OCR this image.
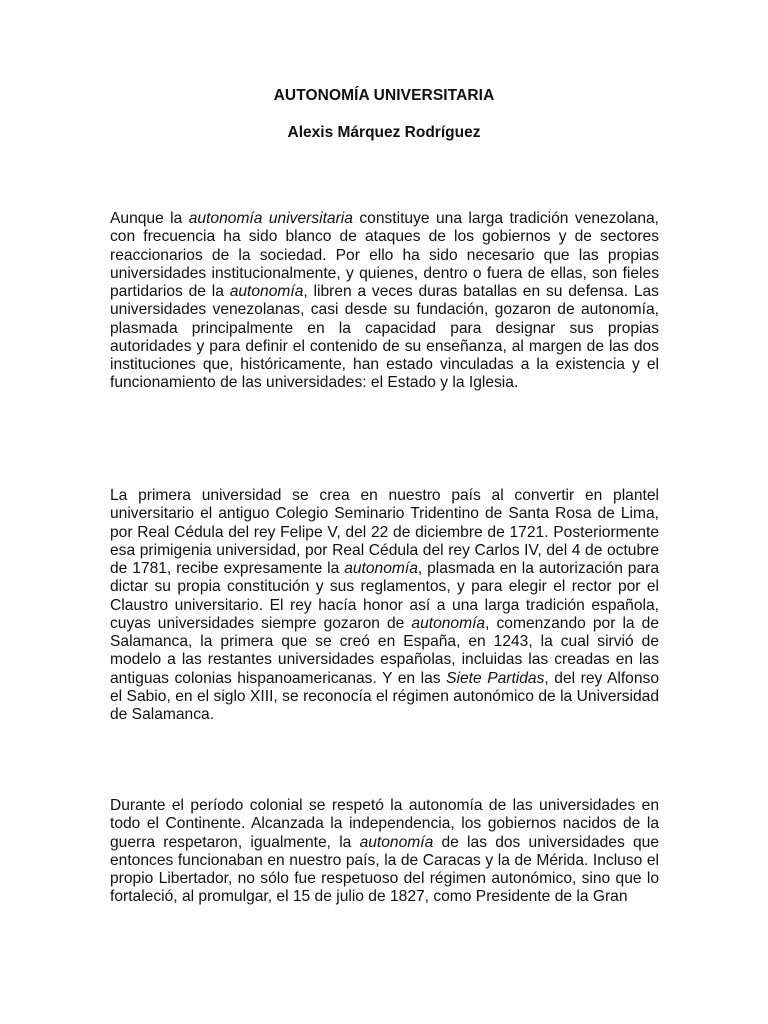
AUTONOMÍA UNIVERSITARIA
Alexis Márquez Rodríguez

Aunque la autonomía universitaria constituye una larga tradición venezolana, con frecuencia ha sido blanco de ataques de los gobiernos y de sectores reaccionarios de la sociedad. Por ello ha sido necesario que las propias universidades institucionalmente, y quienes, dentro o fuera de ellas, son fieles partidarios de la autonomía, libren a veces duras batallas en su defensa. Las universidades venezolanas, casi desde su fundación, gozaron de autonomía, plasmada principalmente en la capacidad para designar sus propias autoridades y para definir el contenido de su enseñanza, al margen de las dos instituciones que, históricamente, han estado vinculadas a la existencia y el funcionamiento de las universidades: el Estado y la Iglesia.

La primera universidad se crea en nuestro país al convertir en plantel universitario el antiguo Colegio Seminario Tridentino de Santa Rosa de Lima, por Real Cédula del rey Felipe V, del 22 de diciembre de 1721. Posteriormente esa primigenia universidad, por Real Cédula del rey Carlos IV, del 4 de octubre de 1781, recibe expresamente la autonomía, plasmada en la autorización para dictar su propia constitución y sus reglamentos, y para elegir el rector por el Claustro universitario. El rey hacía honor así a una larga tradición española, cuyas universidades siempre gozaron de autonomía, comenzando por la de Salamanca, la primera que se creó en España, en 1243, la cual sirvió de modelo a las restantes universidades españolas, incluidas las creadas en las antiguas colonias hispanoamericanas. Y en las Siete Partidas, del rey Alfonso el Sabio, en el siglo XIII, se reconocía el régimen autonómico de la Universidad de Salamanca.

Durante el período colonial se respetó la autonomía de las universidades en todo el Continente. Alcanzada la independencia, los gobiernos nacidos de la guerra respetaron, igualmente, la autonomía de las dos universidades que entonces funcionaban en nuestro país, la de Caracas y la de Mérida. Incluso el propio Libertador, no sólo fue respetuoso del régimen autonómico, sino que lo fortaleció, al promulgar, el 15 de julio de 1827, como Presidente de la Gran
